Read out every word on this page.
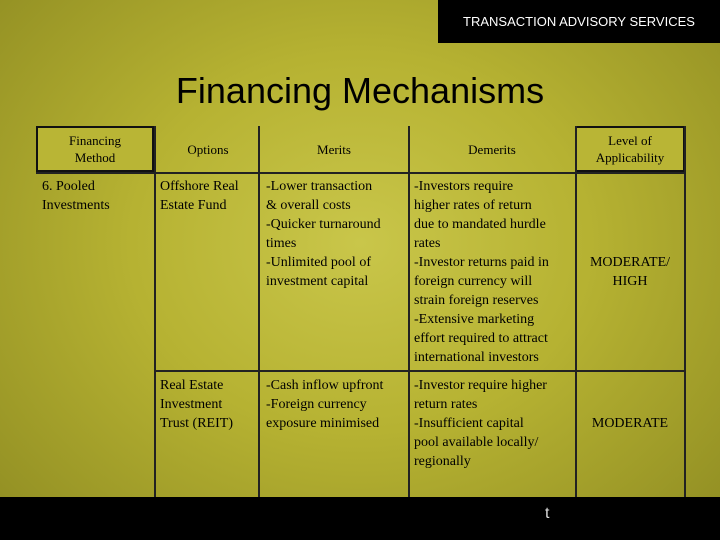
TRANSACTION ADVISORY SERVICES
Financing Mechanisms
Financing
Method
Options	Merits	Demerits
Level of
Applicability
6. Pooled
Investments
Offshore Real
Estate Fund
-Lower transaction
& overall costs
-Quicker turnaround
times
-Unlimited pool of
investment capital
-Investors require
higher rates of return
due to mandated hurdle
rates
-Investor returns paid in
foreign currency will
strain foreign reserves
-Extensive marketing
effort required to attract
international investors
MODERATE/
HIGH
Real Estate
Investment
Trust (REIT)
-Cash inflow upfront
-Foreign currency
exposure minimised
-Investor require higher
return rates
-Insufficient capital
pool available locally/
regionally
MODERATE
t
